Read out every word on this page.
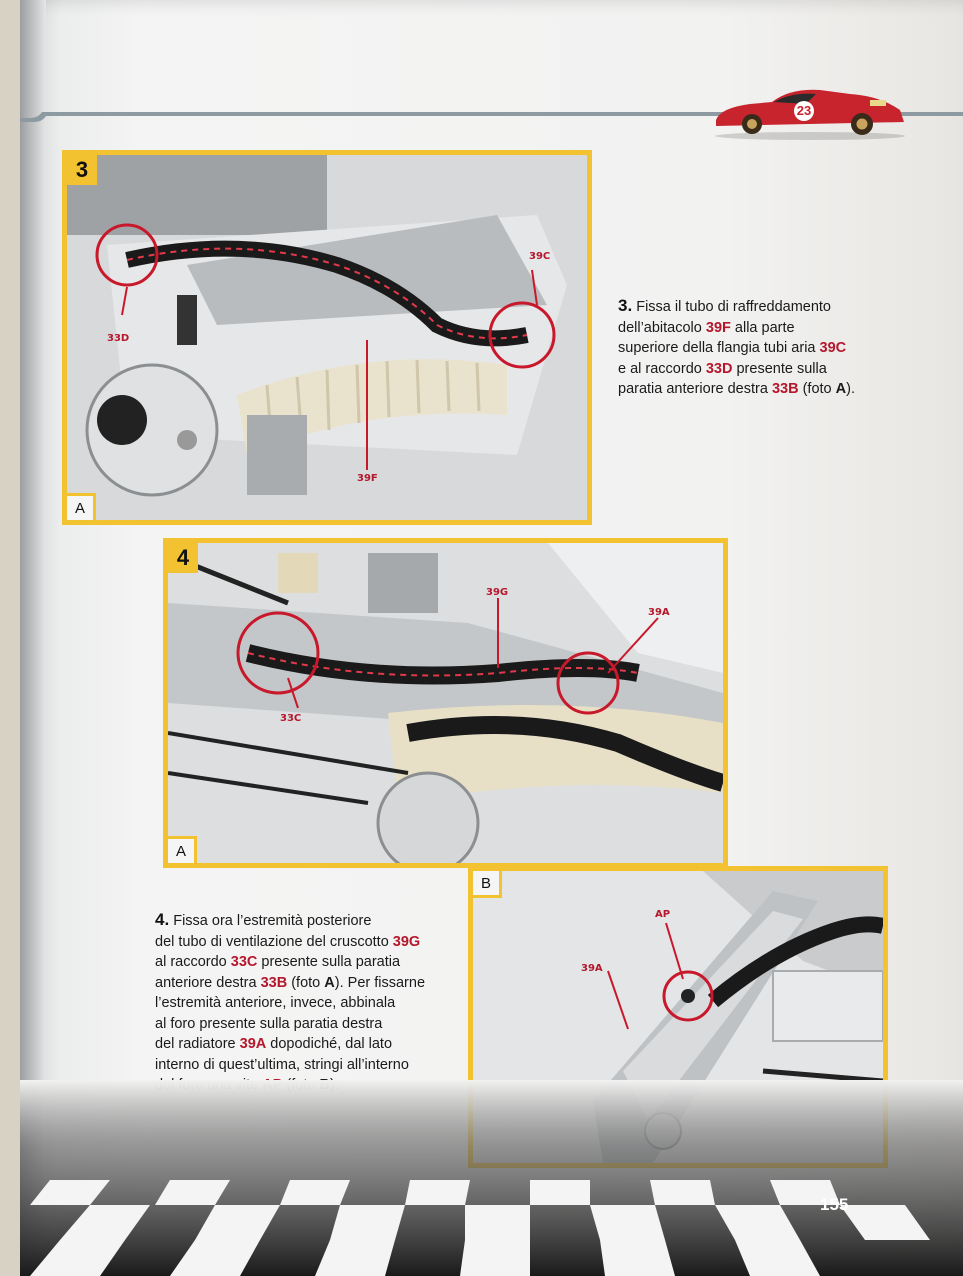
23
3
A
39C
33D
39F
3. Fissa il tubo di raffreddamento
dell’abitacolo 39F alla parte
superiore della flangia tubi aria 39C
e al raccordo 33D presente sulla
paratia anteriore destra 33B (foto A).
4
A
39G
39A
33C
B
39A
AP
4. Fissa ora l’estremità posteriore
del tubo di ventilazione del cruscotto 39G
al raccordo 33C presente sulla paratia
anteriore destra 33B (foto A). Per fissarne
l’estremità anteriore, invece, abbinala
al foro presente sulla paratia destra
del radiatore 39A dopodiché, dal lato
interno di quest’ultima, stringi all’interno

155
